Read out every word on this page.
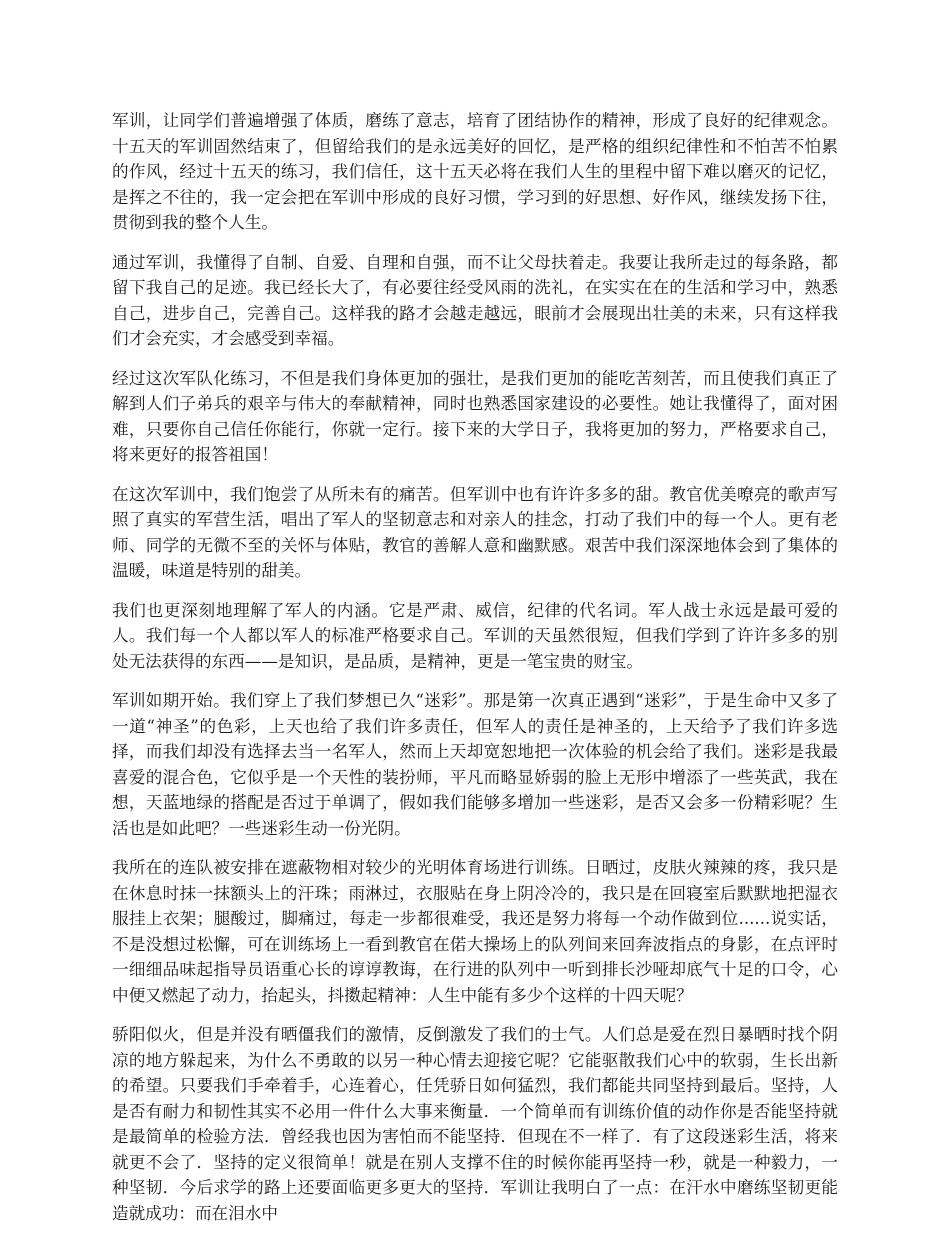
军训，让同学们普遍增强了体质，磨练了意志，培育了团结协作的精神，形成了良好的纪律观念。十五天的军训固然结束了，但留给我们的是永远美好的回忆，是严格的组织纪律性和不怕苦不怕累的作风，经过十五天的练习，我们信任，这十五天必将在我们人生的里程中留下难以磨灭的记忆，是挥之不往的，我一定会把在军训中形成的良好习惯，学习到的好思想、好作风，继续发扬下往，贯彻到我的整个人生。

通过军训，我懂得了自制、自爱、自理和自强，而不让父母扶着走。我要让我所走过的每条路，都留下我自己的足迹。我已经长大了，有必要往经受风雨的洗礼，在实实在在的生活和学习中，熟悉自己，进步自己，完善自己。这样我的路才会越走越远，眼前才会展现出壮美的未来，只有这样我们才会充实，才会感受到幸福。

经过这次军队化练习，不但是我们身体更加的强壮，是我们更加的能吃苦刻苦，而且使我们真正了解到人们子弟兵的艰辛与伟大的奉献精神，同时也熟悉国家建设的必要性。她让我懂得了，面对困难，只要你自己信任你能行，你就一定行。接下来的大学日子，我将更加的努力，严格要求自己，将来更好的报答祖国！

在这次军训中，我们饱尝了从所未有的痛苦。但军训中也有许许多多的甜。教官优美嘹亮的歌声写照了真实的军营生活，唱出了军人的坚韧意志和对亲人的挂念，打动了我们中的每一个人。更有老师、同学的无微不至的关怀与体贴，教官的善解人意和幽默感。艰苦中我们深深地体会到了集体的温暖，味道是特别的甜美。

我们也更深刻地理解了军人的内涵。它是严肃、威信，纪律的代名词。军人战士永远是最可爱的人。我们每一个人都以军人的标准严格要求自己。军训的天虽然很短，但我们学到了许许多多的别处无法获得的东西——是知识，是品质，是精神，更是一笔宝贵的财宝。

军训如期开始。我们穿上了我们梦想已久“迷彩”。那是第一次真正遇到“迷彩”，于是生命中又多了一道“神圣”的色彩，上天也给了我们许多责任，但军人的责任是神圣的，上天给予了我们许多选择，而我们却没有选择去当一名军人，然而上天却宽恕地把一次体验的机会给了我们。迷彩是我最喜爱的混合色，它似乎是一个天性的装扮师，平凡而略显娇弱的脸上无形中增添了一些英武，我在想，天蓝地绿的搭配是否过于单调了，假如我们能够多增加一些迷彩，是否又会多一份精彩呢？生活也是如此吧？一些迷彩生动一份光阴。

我所在的连队被安排在遮蔽物相对较少的光明体育场进行训练。日晒过，皮肤火辣辣的疼，我只是在休息时抹一抹额头上的汗珠；雨淋过，衣服贴在身上阴冷冷的，我只是在回寝室后默默地把湿衣服挂上衣架；腿酸过，脚痛过，每走一步都很难受，我还是努力将每一个动作做到位......说实话，不是没想过松懈，可在训练场上一看到教官在偌大操场上的队列间来回奔波指点的身影，在点评时一细细品味起指导员语重心长的谆谆教诲，在行进的队列中一听到排长沙哑却底气十足的口令，心中便又燃起了动力，抬起头，抖擞起精神：人生中能有多少个这样的十四天呢？

骄阳似火，但是并没有晒僵我们的激情，反倒激发了我们的士气。人们总是爱在烈日暴晒时找个阴凉的地方躲起来，为什么不勇敢的以另一种心情去迎接它呢？它能驱散我们心中的软弱，生长出新的希望。只要我们手牵着手，心连着心，任凭骄日如何猛烈，我们都能共同坚持到最后。坚持，人是否有耐力和韧性其实不必用一件什么大事来衡量．一个简单而有训练价值的动作你是否能坚持就是最简单的检验方法．曾经我也因为害怕而不能坚持．但现在不一样了．有了这段迷彩生活，将来就更不会了．坚持的定义很简单！就是在别人支撑不住的时候你能再坚持一秒，就是一种毅力，一种坚韧．今后求学的路上还要面临更多更大的坚持．军训让我明白了一点：在汗水中磨练坚韧更能造就成功：而在泪水中
